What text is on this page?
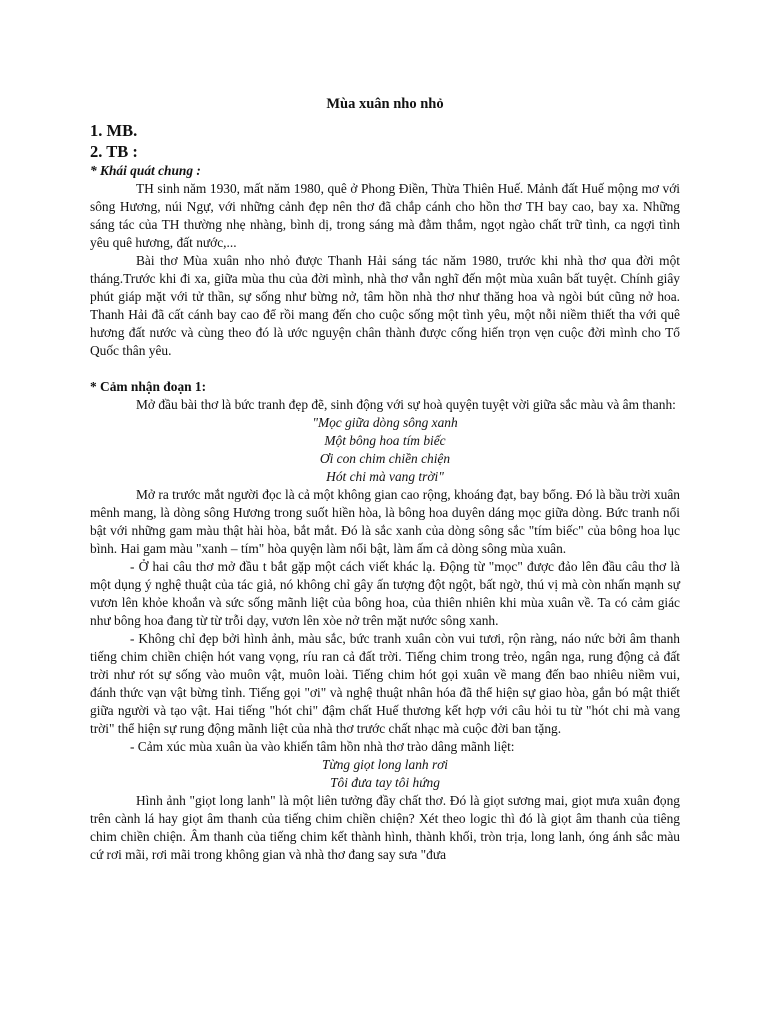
Mùa xuân nho nhỏ
1. MB.
2. TB :
* Khái quát chung :

TH sinh năm 1930, mất năm 1980, quê ở Phong Điền, Thừa Thiên Huế. Mảnh đất Huế mộng mơ với sông Hương, núi Ngự, với những cảnh đẹp nên thơ đã chắp cánh cho hồn thơ TH bay cao, bay xa. Những sáng tác của TH thường nhẹ nhàng, bình dị, trong sáng mà đằm thắm, ngọt ngào chất trữ tình, ca ngợi tình yêu quê hương, đất nước,...

Bài thơ Mùa xuân nho nhỏ được Thanh Hải sáng tác năm 1980, trước khi nhà thơ qua đời một tháng.Trước khi đi xa, giữa mùa thu của đời mình, nhà thơ vẫn nghĩ đến một mùa xuân bất tuyệt. Chính giây phút giáp mặt với tử thần, sự sống như bừng nở, tâm hồn nhà thơ như thăng hoa và ngòi bút cũng nở hoa. Thanh Hải đã cất cánh bay cao để rồi mang đến cho cuộc sống một tình yêu, một nỗi niềm thiết tha với quê hương đất nước và cùng theo đó là ước nguyện chân thành được cống hiến trọn vẹn cuộc đời mình cho Tổ Quốc thân yêu.

* Cảm nhận đoạn 1:

Mở đầu bài thơ là bức tranh đẹp đẽ, sinh động với sự hoà quyện tuyệt vời giữa sắc màu và âm thanh:

"Mọc giữa dòng sông xanh

Một bông hoa tím biếc

Ơi con chim chiền chiện

Hót chi mà vang trời"

Mở ra trước mắt người đọc là cả một không gian cao rộng, khoáng đạt, bay bổng. Đó là bầu trời xuân mênh mang, là dòng sông Hương trong suốt hiền hòa, là bông hoa duyên dáng mọc giữa dòng. Bức tranh nổi bật với những gam màu thật hài hòa, bắt mắt. Đó là sắc xanh của dòng sông sắc "tím biếc" của bông hoa lục bình. Hai gam màu "xanh – tím" hòa quyện làm nổi bật, làm ấm cả dòng sông mùa xuân.

- Ở hai câu thơ mở đầu t bắt gặp một cách viết khác lạ. Động từ "mọc" được đảo lên đầu câu thơ là một dụng ý nghệ thuật của tác giả, nó không chỉ gây ấn tượng đột ngột, bất ngờ, thú vị mà còn nhấn mạnh sự vươn lên khỏe khoắn và sức sống mãnh liệt của bông hoa, của thiên nhiên khi mùa xuân về. Ta có cảm giác như bông hoa đang từ từ trỗi dạy, vươn lên xòe nở trên mặt nước sông xanh.

- Không chỉ đẹp bởi hình ảnh, màu sắc, bức tranh xuân còn vui tươi, rộn ràng, náo nức bởi âm thanh tiếng chim chiền chiện hót vang vọng, ríu ran cả đất trời. Tiếng chim trong trẻo, ngân nga, rung động cả đất trời như rót sự sống vào muôn vật, muôn loài. Tiếng chim hót gọi xuân về mang đến bao nhiêu niềm vui, đánh thức vạn vật bừng tỉnh. Tiếng gọi "ơi" và nghệ thuật nhân hóa đã thể hiện sự giao hòa, gắn bó mật thiết giữa người và tạo vật. Hai tiếng "hót chi" đậm chất Huế thương kết hợp với câu hỏi tu từ "hót chi mà vang trời" thể hiện sự rung động mãnh liệt của nhà thơ trước chất nhạc mà cuộc đời ban tặng.

- Cảm xúc mùa xuân ùa vào khiến tâm hồn nhà thơ trào dâng mãnh liệt:

Từng giọt long lanh rơi

Tôi đưa tay tôi hứng

Hình ảnh "giọt long lanh" là một liên tưởng đầy chất thơ. Đó là giọt sương mai, giọt mưa xuân đọng trên cành lá hay giọt âm thanh của tiếng chim chiền chiện? Xét theo logic thì đó là giọt âm thanh của tiêng chim chiền chiện. Âm thanh của tiếng chim kết thành hình, thành khối, tròn trịa, long lanh, óng ánh sắc màu cứ rơi mãi, rơi mãi trong không gian và nhà thơ đang say sưa "đưa
